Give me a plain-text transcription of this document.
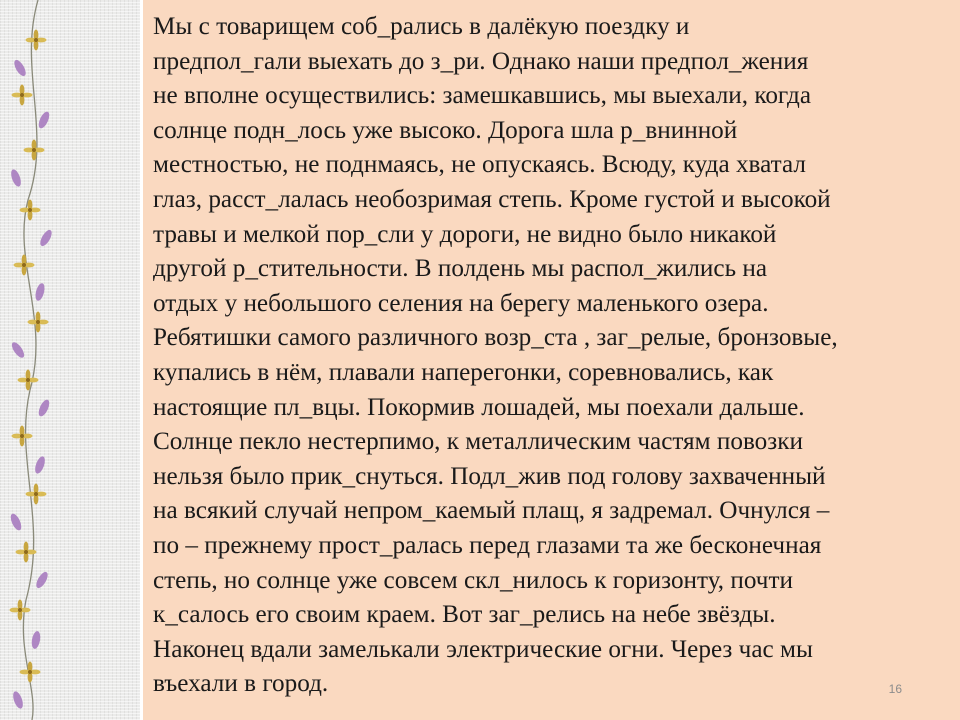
Мы с товарищем соб_рались в далёкую поездку и
предпол_гали выехать до з_ри. Однако наши предпол_жения
не вполне осуществились: замешкавшись, мы выехали, когда
солнце подн_лось уже высоко. Дорога шла р_внинной
местностью, не поднмаясь, не опускаясь. Всюду, куда хватал
глаз, расст_лалась необозримая степь. Кроме густой и высокой
травы и мелкой пор_сли у дороги, не видно было никакой
другой р_стительности. В полдень мы распол_жились на
отдых у небольшого селения на берегу маленького озера.
Ребятишки самого различного возр_ста , заг_релые, бронзовые,
купались в нём, плавали наперегонки, соревновались, как
настоящие пл_вцы. Покормив лошадей, мы поехали дальше.
Солнце пекло нестерпимо, к металлическим частям повозки
нельзя было прик_снуться. Подл_жив под голову захваченный
на всякий случай непром_каемый плащ, я задремал. Очнулся –
по – прежнему прост_ралась перед глазами та же бесконечная
степь, но солнце уже совсем скл_нилось к горизонту, почти
к_салось его своим краем. Вот заг_релись на небе звёзды.
Наконец вдали замелькали электрические огни. Через час мы
въехали в город.	16
